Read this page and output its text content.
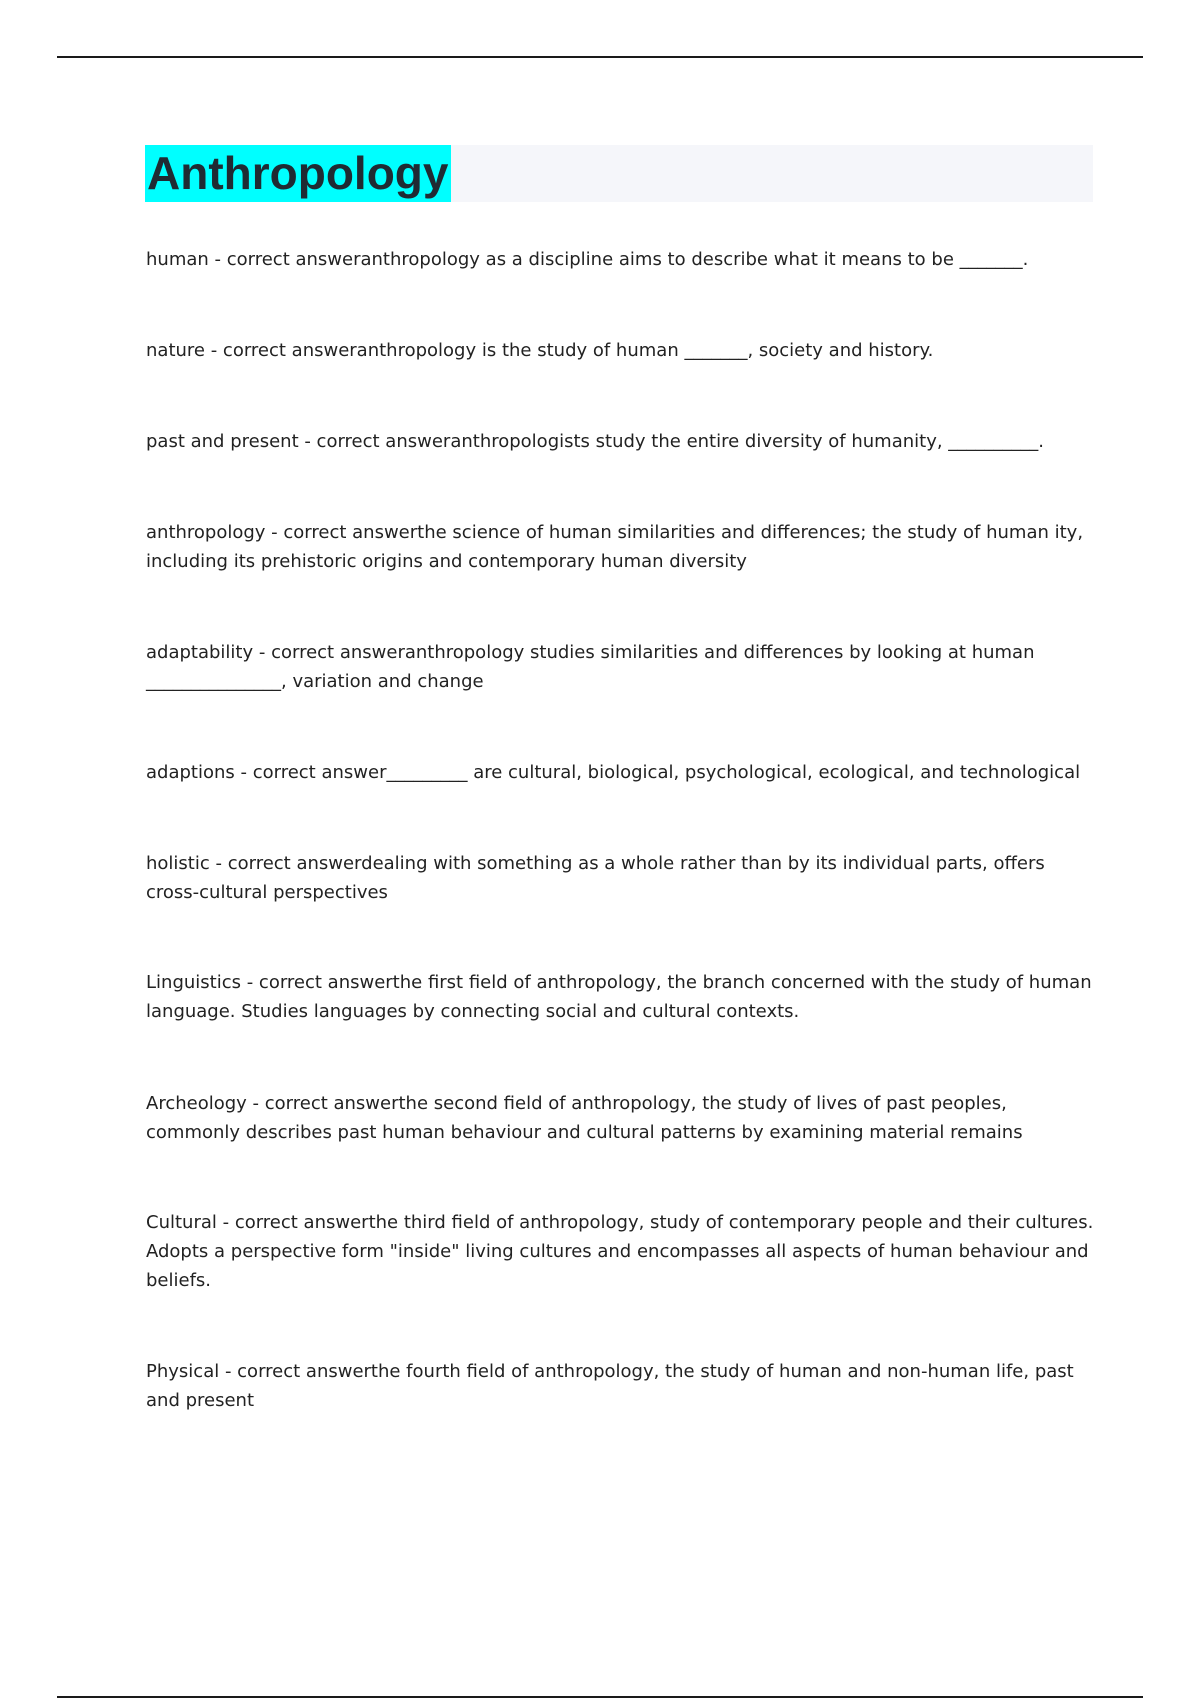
Anthropology

human - correct answeranthropology as a discipline aims to describe what it means to be _______.

nature - correct answeranthropology is the study of human _______, society and history.

past and present - correct answeranthropologists study the entire diversity of humanity, __________.

anthropology - correct answerthe science of human similarities and differences; the study of human ity, including its prehistoric origins and contemporary human diversity

adaptability - correct answeranthropology studies similarities and differences by looking at human _______________, variation and change

adaptions - correct answer_________ are cultural, biological, psychological, ecological, and technological

holistic - correct answerdealing with something as a whole rather than by its individual parts, offers cross-cultural perspectives

Linguistics - correct answerthe first field of anthropology, the branch concerned with the study of human language. Studies languages by connecting social and cultural contexts.

Archeology - correct answerthe second field of anthropology, the study of lives of past peoples, commonly describes past human behaviour and cultural patterns by examining material remains

Cultural - correct answerthe third field of anthropology, study of contemporary people and their cultures. Adopts a perspective form "inside" living cultures and encompasses all aspects of human behaviour and beliefs.

Physical - correct answerthe fourth field of anthropology, the study of human and non-human life, past and present
